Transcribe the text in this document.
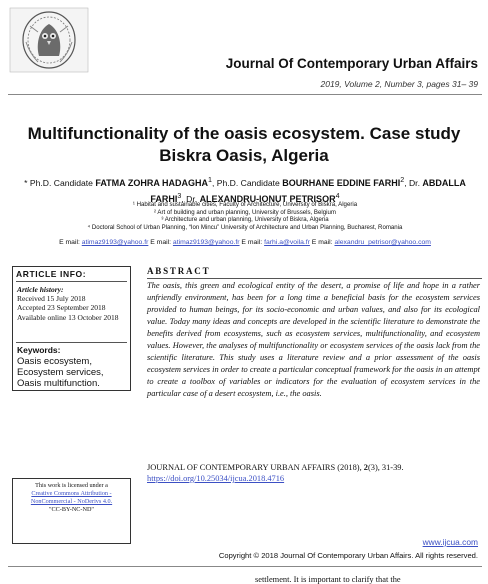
Journal Of Contemporary Urban Affairs
2019, Volume 2, Number 3, pages 31– 39
Multifunctionality of the oasis ecosystem. Case study
Biskra Oasis, Algeria
* Ph.D. Candidate FATMA ZOHRA HADAGHA$^1$, Ph.D. Candidate BOURHANE EDDINE FARHI$^2$, Dr. ABDALLA FARHI$^3$, Dr. ALEXANDRU-IONUT PETRISOR$^4$
¹ Habitat and sustainable cities, Faculty of Architecture, University of Biskra, Algeria
² Art of building and urban planning, University of Brussels, Belgium
³ Architecture and urban planning, University of Biskra, Algeria
⁴ Doctoral School of Urban Planning, “Ion Mincu” University of Architecture and Urban Planning, Bucharest, Romania
E mail: atimaz9193@yahoo.fr E mail: atimaz9193@yahoo.fr E mail: farhi.a@voila.fr E mail: alexandru_petrisor@yahoo.com
ARTICLE INFO:
Article history:
Received 15 July 2018
Accepted 23 September 2018
Available online 13 October 2018
Keywords:
Oasis ecosystem,
Ecosystem services,
Oasis multifunction.
ABSTRACT
The oasis, this green and ecological entity of the desert, a promise of life and hope in a rather unfriendly environment, has been for a long time a beneficial basis for the ecosystem services provided to human beings, for its socio-economic and urban values, and also for its ecological value. Today many ideas and concepts are developed in the scientific literature to demonstrate the benefits derived from ecosystems, such as ecosystem services, multifunctionality, and ecosystem values. However, the analyses of multifunctionality or ecosystem services of the oasis lack from the scientific literature. This study uses a literature review and a prior assessment of the oasis ecosystem services in order to create a particular conceptual framework for the oasis in an attempt to create a toolbox of variables or indicators for the evaluation of ecosystem services in the particular case of a desert ecosystem, i.e., the oasis.
JOURNAL OF CONTEMPORARY URBAN AFFAIRS (2018), 2(3), 31-39.
https://doi.org/10.25034/ijcua.2018.4716
This work is licensed under a
Creative Commons Attribution - NonCommercial - NoDerivs 4.0.
"CC-BY-NC-ND"
www.ijcua.com
Copyright © 2018 Journal Of Contemporary Urban Affairs. All rights reserved.
settlement. It is important to clarify that the
